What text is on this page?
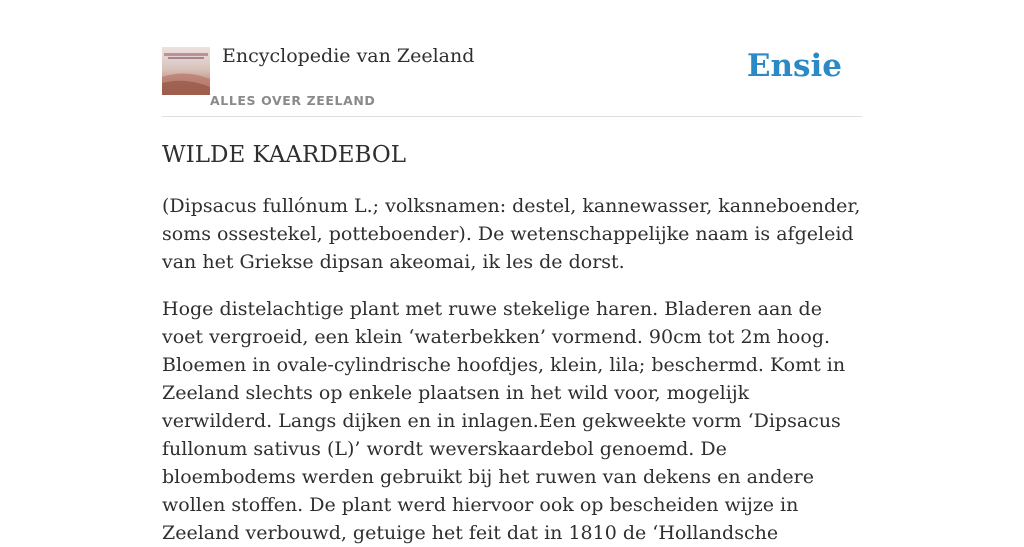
Encyclopedie van Zeeland
ALLES OVER ZEELAND
Ensie
WILDE KAARDEBOL

(Dipsacus fullónum L.; volksnamen: destel, kannewasser, kanneboender, soms ossestekel, potteboender). De wetenschappelijke naam is afgeleid van het Griekse dipsan akeomai, ik les de dorst.

Hoge distelachtige plant met ruwe stekelige haren. Bladeren aan de voet vergroeid, een klein ‘waterbekken’ vormend. 90cm tot 2m hoog. Bloemen in ovale-cylindrische hoofdjes, klein, lila; beschermd. Komt in Zeeland slechts op enkele plaatsen in het wild voor, mogelijk verwilderd. Langs dijken en in inlagen.Een gekweekte vorm ‘Dipsacus fullonum sativus (L)’ wordt weverskaardebol genoemd. De bloembodems werden gebruikt bij het ruwen van dekens en andere wollen stoffen. De plant werd hiervoor ook op bescheiden wijze in Zeeland verbouwd, getuige het feit dat in 1810 de ‘Hollandsche
